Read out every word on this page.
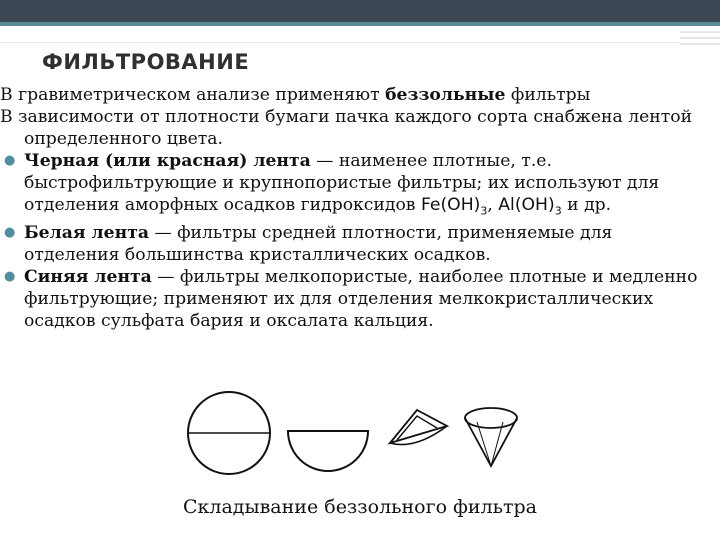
ФИЛЬТРОВАНИЕ

В гравиметрическом анализе применяют беззольные фильтры

В зависимости от плотности бумаги пачка каждого сорта снабжена лентой определенного цвета.

● Черная (или красная) лента — наименее плотные, т.е. быстрофильтрующие и крупнопористые фильтры; их используют для отделения аморфных осадков гидроксидов $Fe(OH)_3$, $Al(OH)_3$ и др.
● Белая лента — фильтры средней плотности, применяемые для отделения большинства кристаллических осадков.
● Синяя лента — фильтры мелкопористые, наиболее плотные и медленно фильтрующие; применяют их для отделения мелкокристаллических осадков сульфата бария и оксалата кальция.
Складывание беззольного фильтра
